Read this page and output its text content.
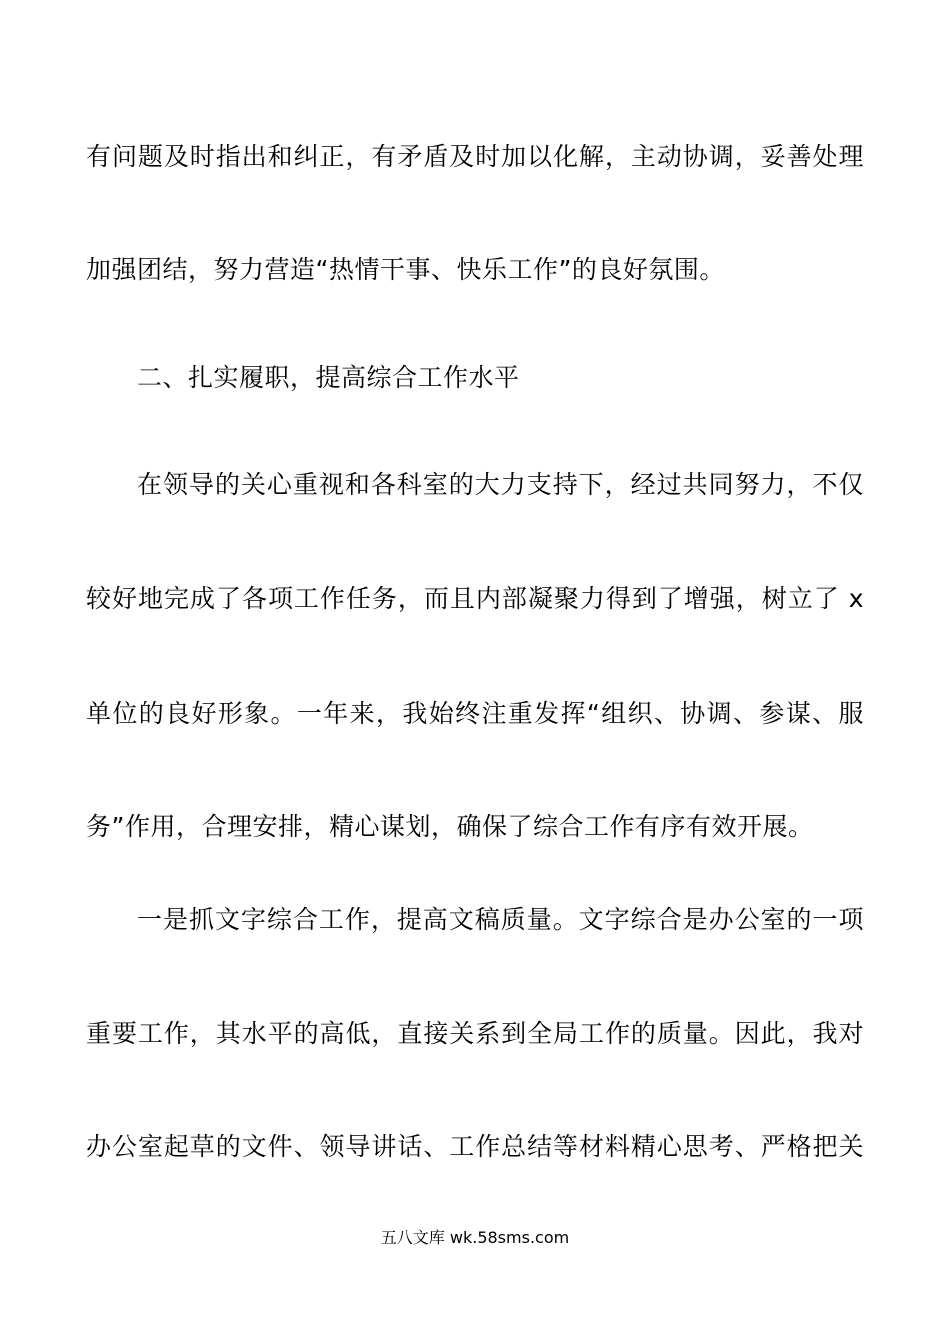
有问题及时指出和纠正，有矛盾及时加以化解，主动协调，妥善处理
加强团结，努力营造“热情干事、快乐工作”的良好氛围。
二、扎实履职，提高综合工作水平
在领导的关心重视和各科室的大力支持下，经过共同努力，不仅
较好地完成了各项工作任务，而且内部凝聚力得到了增强，树立了 x
单位的良好形象。一年来，我始终注重发挥“组织、协调、参谋、服
务”作用，合理安排，精心谋划，确保了综合工作有序有效开展。
一是抓文字综合工作，提高文稿质量。文字综合是办公室的一项
重要工作，其水平的高低，直接关系到全局工作的质量。因此，我对
办公室起草的文件、领导讲话、工作总结等材料精心思考、严格把关
五八文库 wk.58sms.com
